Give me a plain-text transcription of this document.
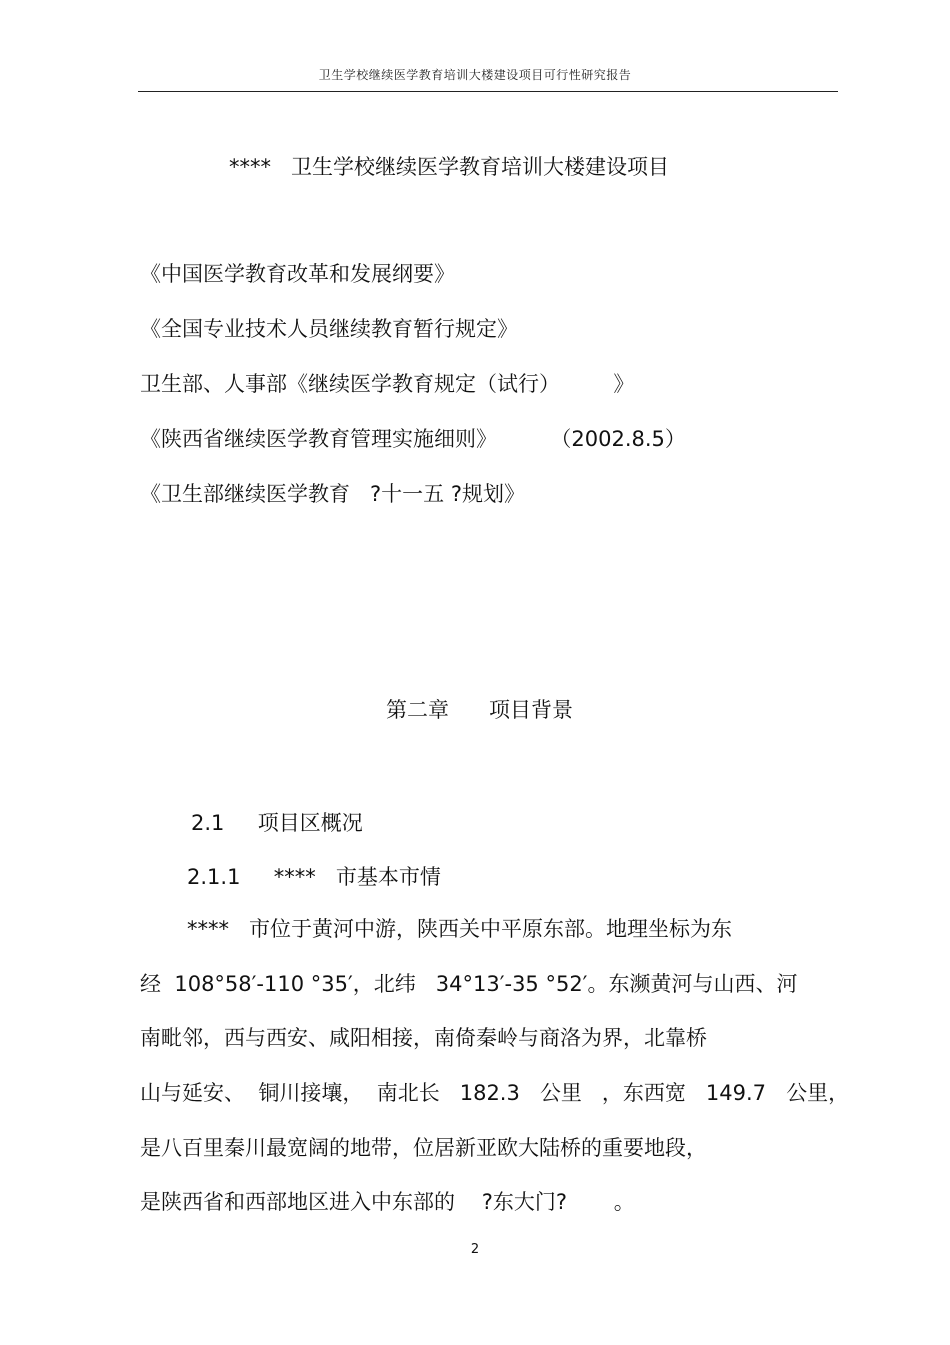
卫生学校继续医学教育培训大楼建设项目可行性研究报告
****   卫生学校继续医学教育培训大楼建设项目
《中国医学教育改革和发展纲要》
《全国专业技术人员继续教育暂行规定》
卫生部、人事部《继续医学教育规定（试行）        》
《陕西省继续医学教育管理实施细则》        （2002.8.5）
《卫生部继续医学教育   ?十一五 ?规划》
第二章      项目背景
2.1     项目区概况
2.1.1     ****   市基本市情
****   市位于黄河中游，陕西关中平原东部。地理坐标为东
经  108°58′-110 °35′，北纬   34°13′-35 °52′。东濒黄河与山西、河
南毗邻，西与西安、咸阳相接，南倚秦岭与商洛为界，北靠桥
山与延安、  铜川接壤，  南北长   182.3   公里   ，东西宽   149.7   公里，
是八百里秦川最宽阔的地带，位居新亚欧大陆桥的重要地段，
是陕西省和西部地区进入中东部的    ?东大门?       。
2
